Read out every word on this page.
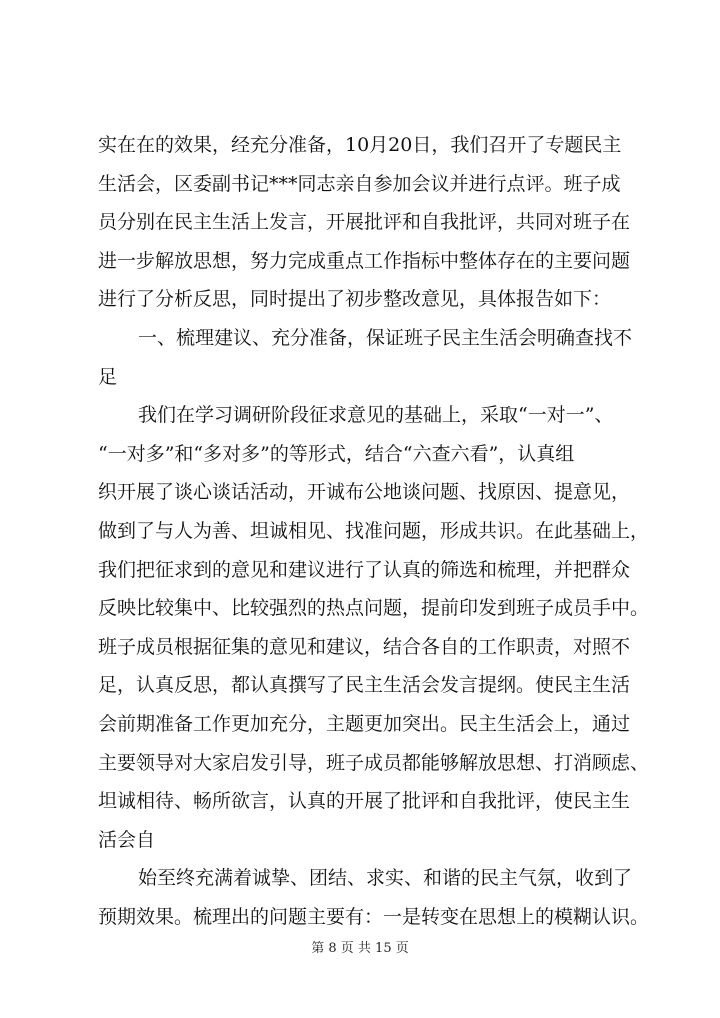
实在在的效果，经充分准备，10月20日，我们召开了专题民主
生活会，区委副书记***同志亲自参加会议并进行点评。班子成
员分别在民主生活上发言，开展批评和自我批评，共同对班子在
进一步解放思想，努力完成重点工作指标中整体存在的主要问题
进行了分析反思，同时提出了初步整改意见，具体报告如下：
一、梳理建议、充分准备，保证班子民主生活会明确查找不
足
我们在学习调研阶段征求意见的基础上，采取“一对一”、
“一对多”和“多对多”的等形式，结合“六查六看”，认真组
织开展了谈心谈话活动，开诚布公地谈问题、找原因、提意见，
做到了与人为善、坦诚相见、找准问题，形成共识。在此基础上，
我们把征求到的意见和建议进行了认真的筛选和梳理，并把群众
反映比较集中、比较强烈的热点问题，提前印发到班子成员手中。
班子成员根据征集的意见和建议，结合各自的工作职责，对照不
足，认真反思，都认真撰写了民主生活会发言提纲。使民主生活
会前期准备工作更加充分，主题更加突出。民主生活会上，通过
主要领导对大家启发引导，班子成员都能够解放思想、打消顾虑、
坦诚相待、畅所欲言，认真的开展了批评和自我批评，使民主生
活会自
始至终充满着诚挚、团结、求实、和谐的民主气氛，收到了
预期效果。梳理出的问题主要有：一是转变在思想上的模糊认识。
第 8 页 共 15 页
